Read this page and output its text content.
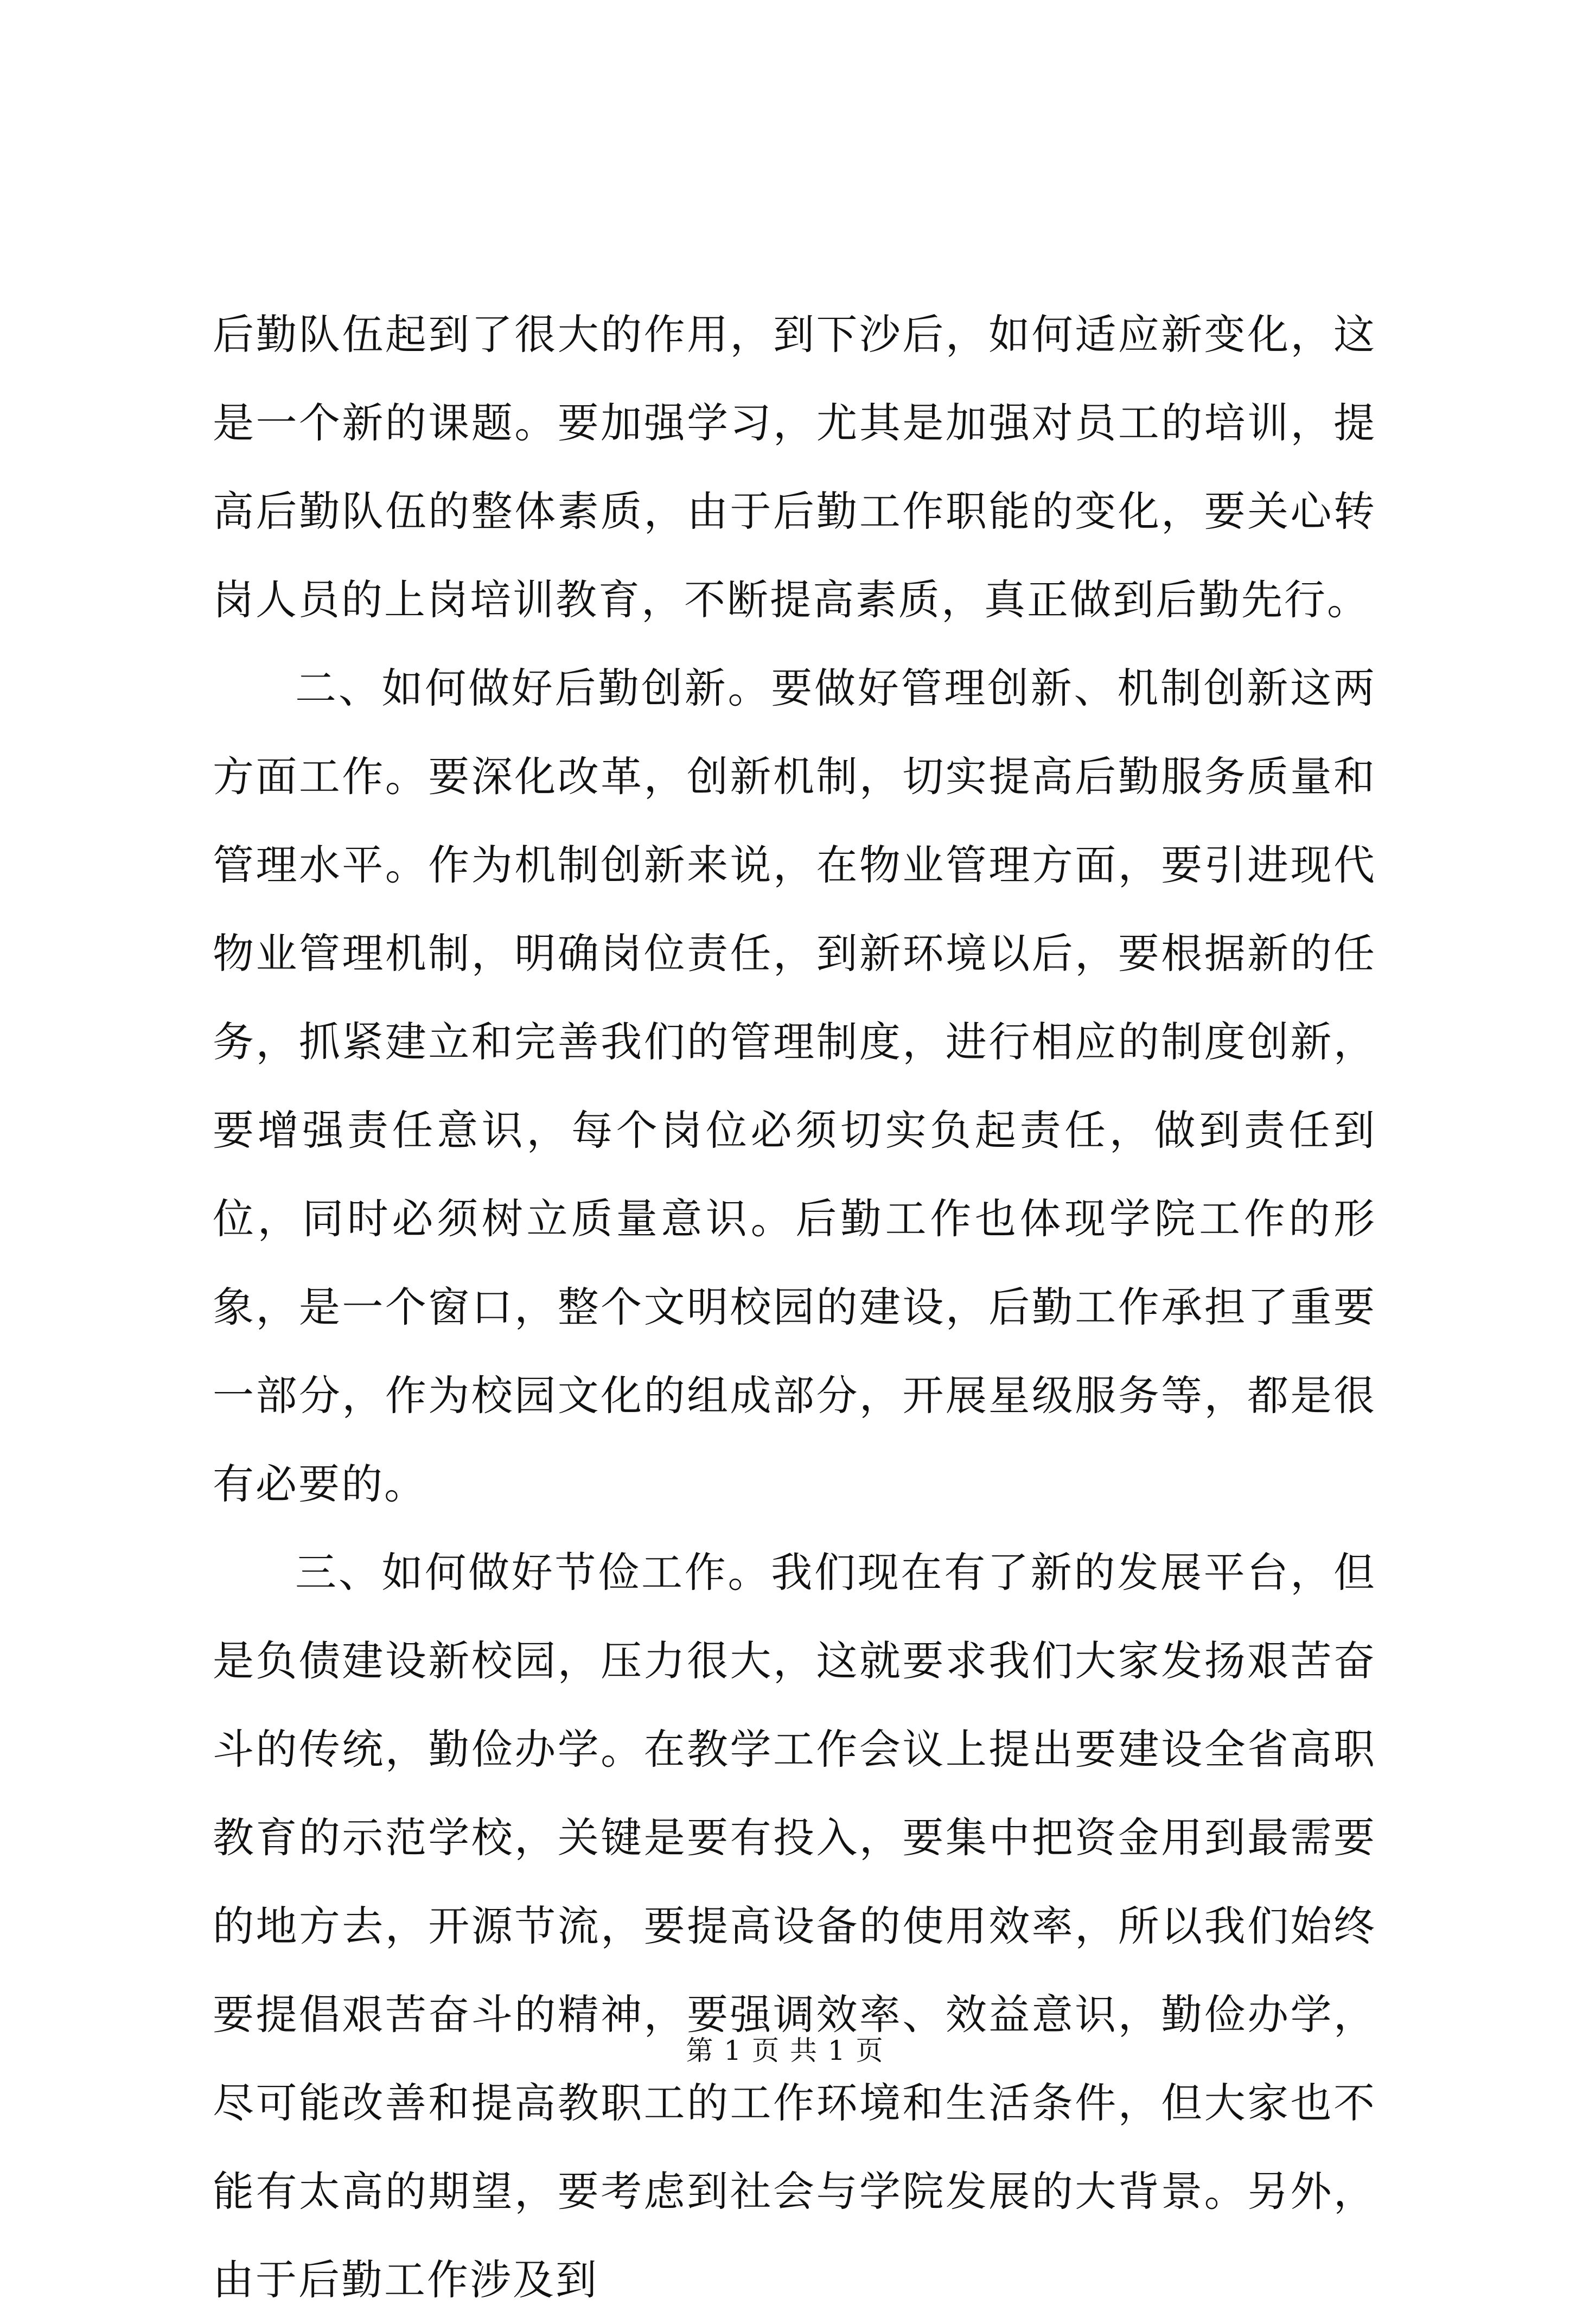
后勤队伍起到了很大的作用，到下沙后，如何适应新变化，这是一个新的课题。要加强学习，尤其是加强对员工的培训，提高后勤队伍的整体素质，由于后勤工作职能的变化，要关心转岗人员的上岗培训教育，不断提高素质，真正做到后勤先行。

二、如何做好后勤创新。要做好管理创新、机制创新这两方面工作。要深化改革，创新机制，切实提高后勤服务质量和管理水平。作为机制创新来说，在物业管理方面，要引进现代物业管理机制，明确岗位责任，到新环境以后，要根据新的任务，抓紧建立和完善我们的管理制度，进行相应的制度创新，要增强责任意识，每个岗位必须切实负起责任，做到责任到位，同时必须树立质量意识。后勤工作也体现学院工作的形象，是一个窗口，整个文明校园的建设，后勤工作承担了重要一部分，作为校园文化的组成部分，开展星级服务等，都是很有必要的。

三、如何做好节俭工作。我们现在有了新的发展平台，但是负债建设新校园，压力很大，这就要求我们大家发扬艰苦奋斗的传统，勤俭办学。在教学工作会议上提出要建设全省高职教育的示范学校，关键是要有投入，要集中把资金用到最需要的地方去，开源节流，要提高设备的使用效率，所以我们始终要提倡艰苦奋斗的精神，要强调效率、效益意识，勤俭办学，尽可能改善和提高教职工的工作环境和生活条件，但大家也不能有太高的期望，要考虑到社会与学院发展的大背景。另外，由于后勤工作涉及到

第 1 页 共 1 页
